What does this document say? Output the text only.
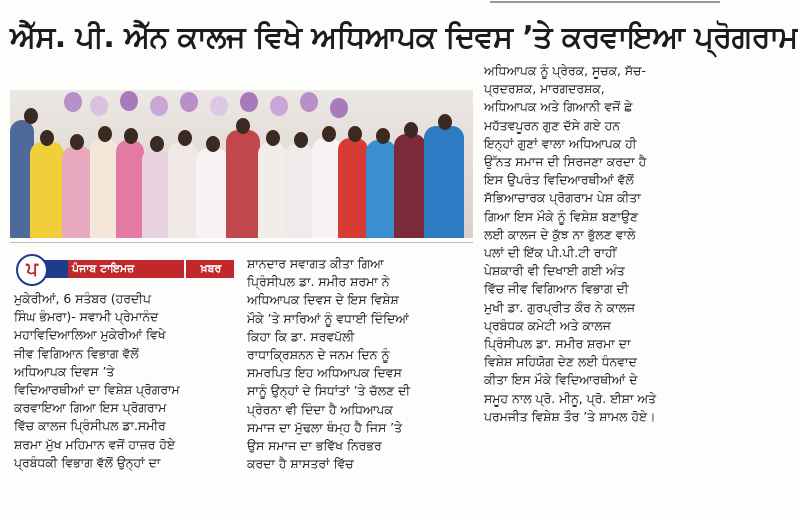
ਐੱਸ. ਪੀ. ਐੱਨ ਕਾਲਜ ਵਿਖੇ ਅਧਿਆਪਕ ਦਿਵਸ ’ਤੇ ਕਰਵਾਇਆ ਪ੍ਰੋਗਰਾਮ
ਪ	ਪੰਜਾਬ ਟਾਇਮਜ਼	ਖ਼ਬਰ

ਮੁਕੇਰੀਆਂ, 6 ਸਤੰਬਰ (ਹਰਦੀਪ

ਸਿੰਘ ਭੰਮਰਾ)- ਸਵਾਮੀ ਪ੍ਰੇਮਾਨੰਦ

ਮਹਾਵਿਦਿਆਲਿਆ ਮੁਕੇਰੀਆਂ ਵਿਖੇ

ਜੀਵ ਵਿਗਿਆਨ ਵਿਭਾਗ ਵੱਲੋਂ

ਅਧਿਆਪਕ ਦਿਵਸ ’ਤੇ

ਵਿਦਿਆਰਥੀਆਂ ਦਾ ਵਿਸ਼ੇਸ਼ ਪ੍ਰੋਗਰਾਮ

ਕਰਵਾਇਆ ਗਿਆ ਇਸ ਪ੍ਰੋਗਰਾਮ

ਵਿੱਚ ਕਾਲਜ ਪ੍ਰਿੰਸੀਪਲ ਡਾ.ਸਮੀਰ

ਸ਼ਰਮਾ ਮੁੱਖ ਮਹਿਮਾਨ ਵਜੋਂ ਹਾਜ਼ਰ ਹੋਏ

ਪ੍ਰਬੰਧਕੀ ਵਿਭਾਗ ਵੱਲੋਂ ਉਨ੍ਹਾਂ ਦਾ

ਸ਼ਾਨਦਾਰ ਸਵਾਗਤ ਕੀਤਾ ਗਿਆ

ਪ੍ਰਿੰਸੀਪਲ ਡਾ. ਸਮੀਰ ਸ਼ਰਮਾ ਨੇ

ਅਧਿਆਪਕ ਦਿਵਸ ਦੇ ਇਸ ਵਿਸ਼ੇਸ਼

ਮੌਕੇ ’ਤੇ ਸਾਰਿਆਂ ਨੂੰ ਵਧਾਈ ਦਿੰਦਿਆਂ

ਕਿਹਾ ਕਿ ਡਾ. ਸਰਵਪੱਲੀ

ਰਾਧਾਕ੍ਰਿਸ਼ਨਨ ਦੇ ਜਨਮ ਦਿਨ ਨੂੰ

ਸਮਰਪਿਤ ਇਹ ਅਧਿਆਪਕ ਦਿਵਸ

ਸਾਨੂੰ ਉਨ੍ਹਾਂ ਦੇ ਸਿਧਾਂਤਾਂ ’ਤੇ ਚੱਲਣ ਦੀ

ਪ੍ਰੇਰਨਾ ਵੀ ਦਿੰਦਾ ਹੈ ਅਧਿਆਪਕ

ਸਮਾਜ ਦਾ ਮੁੱਢਲਾ ਥੰਮ੍ਹ ਹੈ ਜਿਸ ’ਤੇ

ਉਸ ਸਮਾਜ ਦਾ ਭਵਿੱਖ ਨਿਰਭਰ

ਕਰਦਾ ਹੈ ਸ਼ਾਸਤਰਾਂ ਵਿੱਚ

ਅਧਿਆਪਕ ਨੂੰ ਪ੍ਰੇਰਕ, ਸੂਚਕ, ਸੱਚ-

ਪ੍ਰਦਰਸ਼ਕ, ਮਾਰਗਦਰਸ਼ਕ,

ਅਧਿਆਪਕ ਅਤੇ ਗਿਆਨੀ ਵਜੋਂ ਛੇ

ਮਹੱਤਵਪੂਰਨ ਗੁਣ ਦੱਸੇ ਗਏ ਹਨ

ਇਨ੍ਹਾਂ ਗੁਣਾਂ ਵਾਲਾ ਅਧਿਆਪਕ ਹੀ

ਉੱਨਤ ਸਮਾਜ ਦੀ ਸਿਰਜਣਾ ਕਰਦਾ ਹੈ

ਇਸ ਉਪਰੰਤ ਵਿਦਿਆਰਥੀਆਂ ਵੱਲੋਂ

ਸੱਭਿਆਚਾਰਕ ਪ੍ਰੋਗਰਾਮ ਪੇਸ਼ ਕੀਤਾ

ਗਿਆ ਇਸ ਮੌਕੇ ਨੂੰ ਵਿਸ਼ੇਸ਼ ਬਣਾਉਣ

ਲਈ ਕਾਲਜ ਦੇ ਕੁੱਝ ਨਾ ਭੁੱਲਣ ਵਾਲੇ

ਪਲਾਂ ਦੀ ਇੱਕ ਪੀ.ਪੀ.ਟੀ ਰਾਹੀਂ

ਪੇਸ਼ਕਾਰੀ ਵੀ ਦਿਖਾਈ ਗਈ ਅੰਤ

ਵਿੱਚ ਜੀਵ ਵਿਗਿਆਨ ਵਿਭਾਗ ਦੀ

ਮੁਖੀ ਡਾ. ਗੁਰਪ੍ਰੀਤ ਕੌਰ ਨੇ ਕਾਲਜ

ਪ੍ਰਬੰਧਕ ਕਮੇਟੀ ਅਤੇ ਕਾਲਜ

ਪ੍ਰਿੰਸੀਪਲ ਡਾ. ਸਮੀਰ ਸ਼ਰਮਾ ਦਾ

ਵਿਸ਼ੇਸ਼ ਸਹਿਯੋਗ ਦੇਣ ਲਈ ਧੰਨਵਾਦ

ਕੀਤਾ ਇਸ ਮੌਕੇ ਵਿਦਿਆਰਥੀਆਂ ਦੇ

ਸਮੂਹ ਨਾਲ ਪ੍ਰੋ. ਮੀਨੂ, ਪ੍ਰੋ. ਈਸ਼ਾ ਅਤੇ

ਪਰਮਜੀਤ ਵਿਸ਼ੇਸ਼ ਤੌਰ ’ਤੇ ਸ਼ਾਮਲ ਹੋਏ।
